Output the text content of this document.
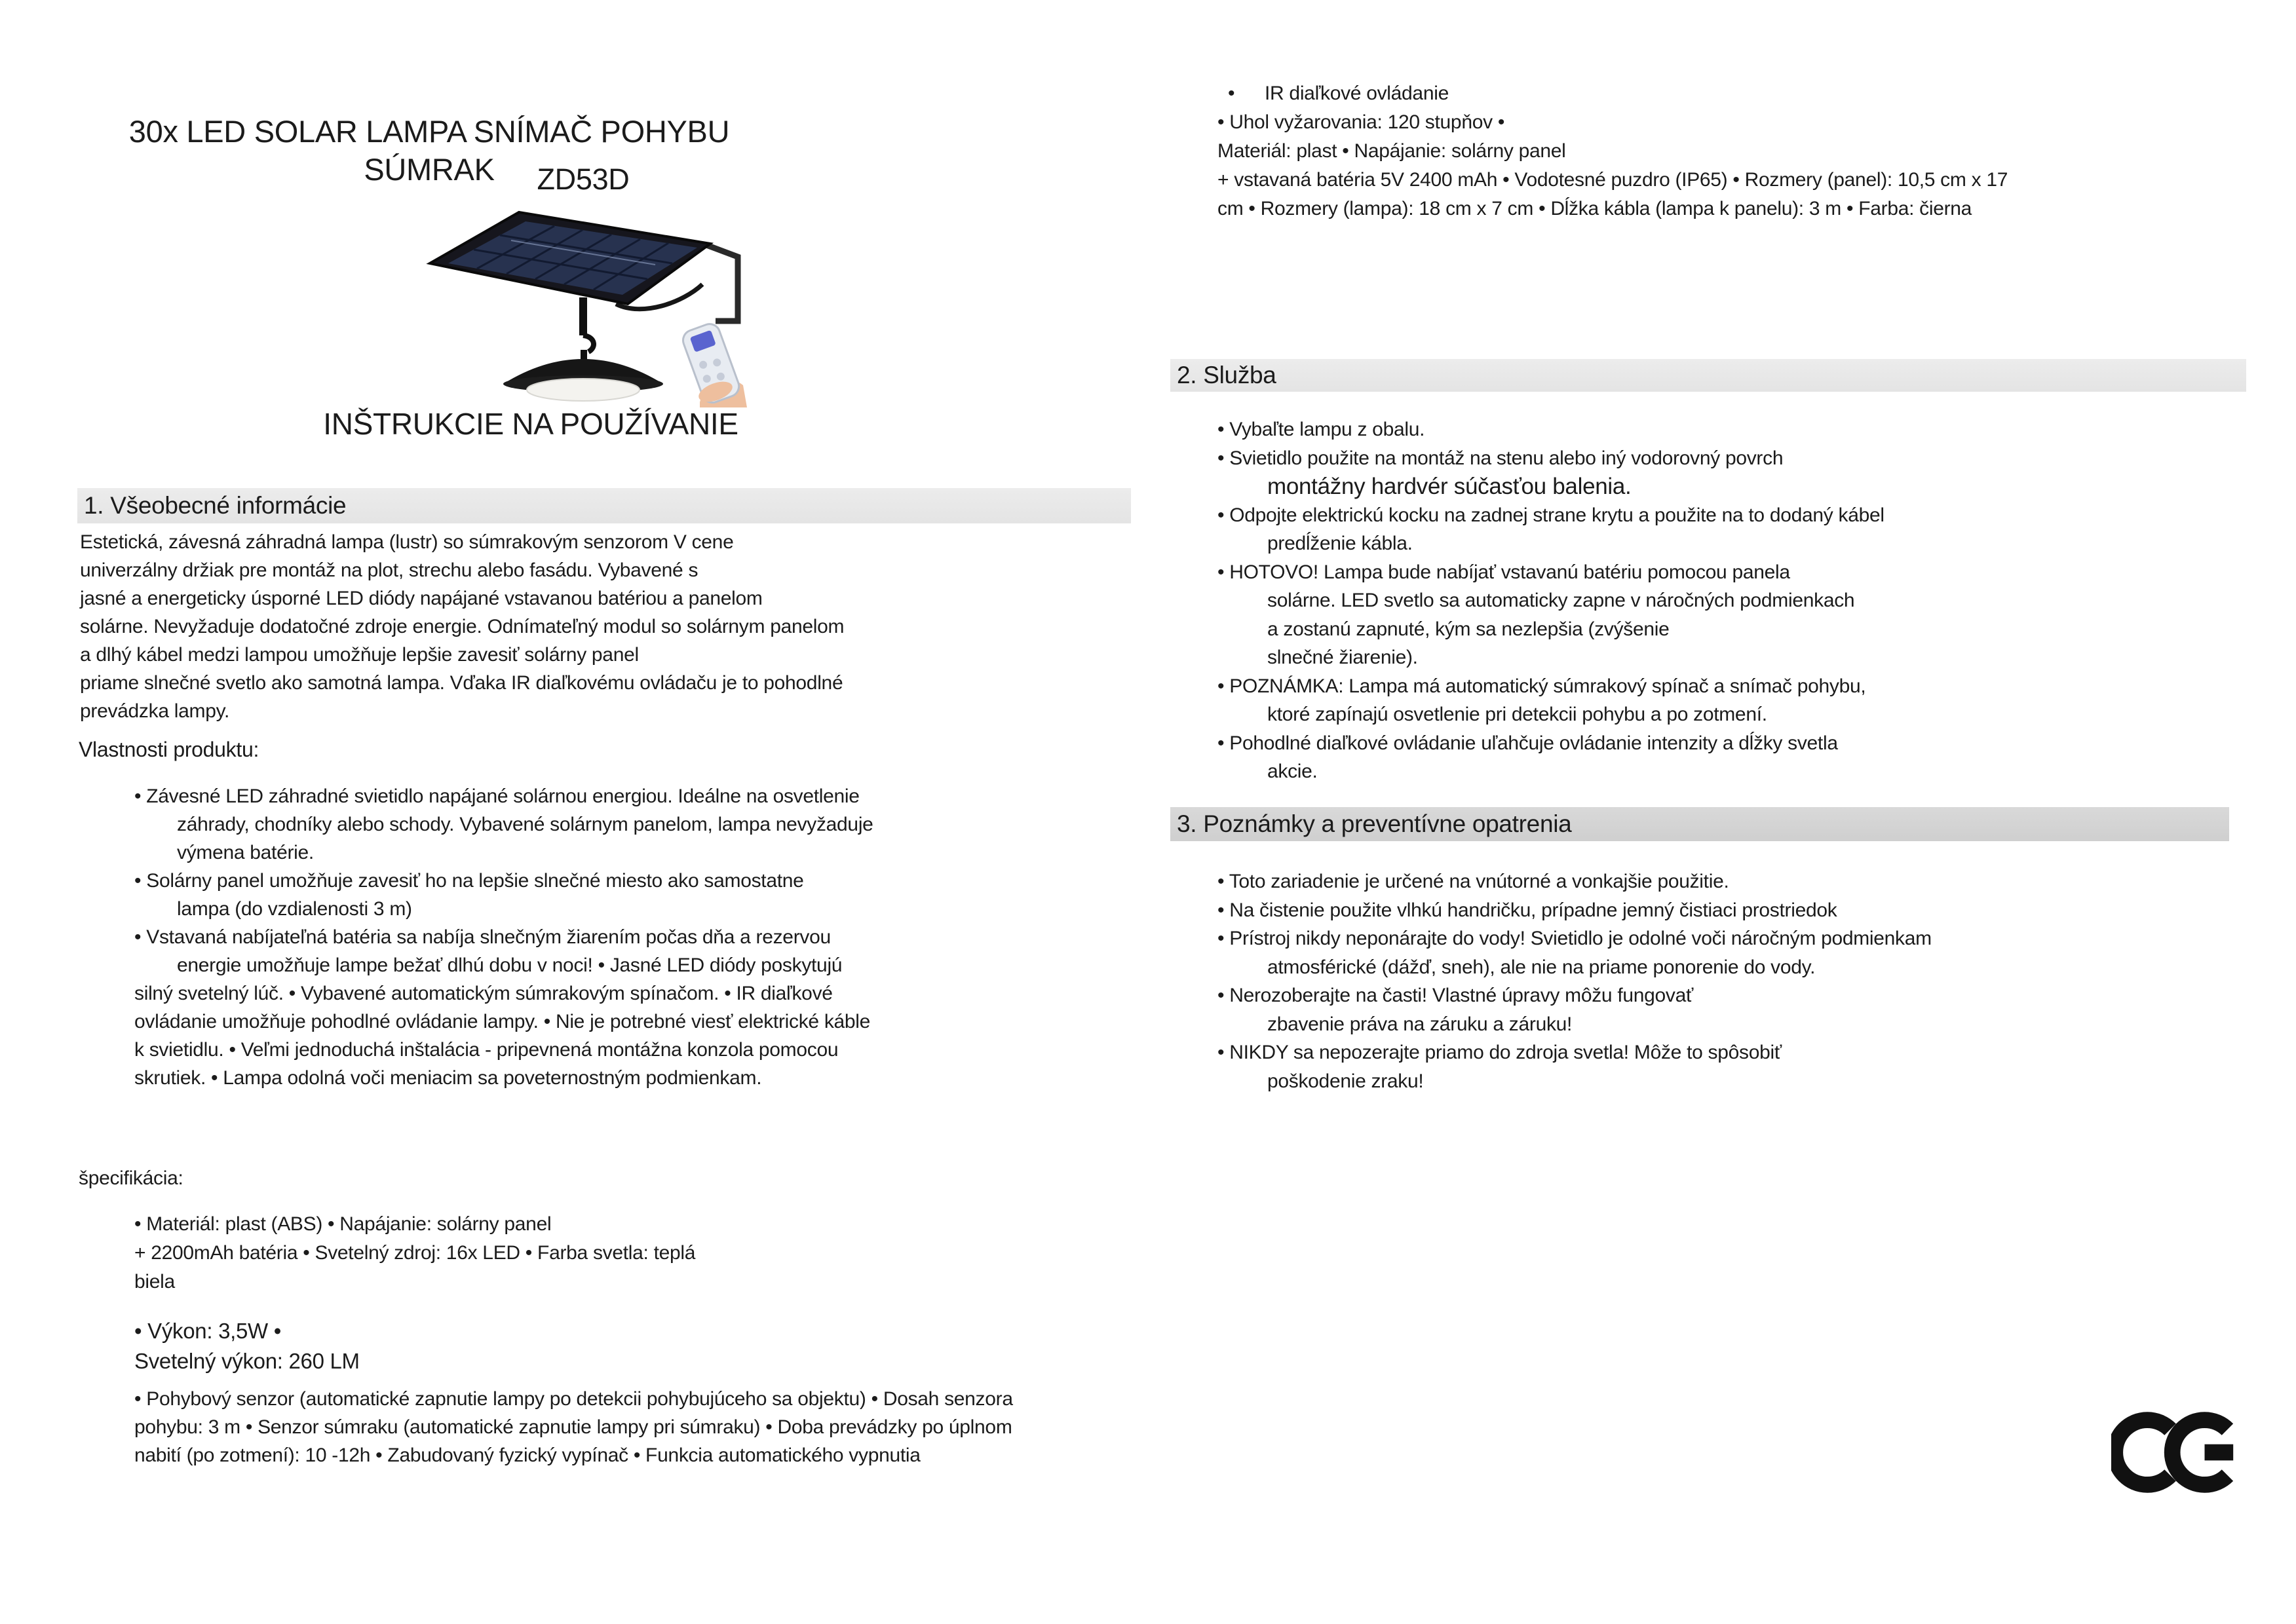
30x LED SOLAR LAMPA SNÍMAČ POHYBU SÚMRAK	ZD53D
INŠTRUKCIE NA POUŽÍVANIE
1. Všeobecné informácie
Estetická, závesná záhradná lampa (lustr) so súmrakovým senzorom V cene
univerzálny držiak pre montáž na plot, strechu alebo fasádu. Vybavené s
jasné a energeticky úsporné LED diódy napájané vstavanou batériou a panelom
solárne. Nevyžaduje dodatočné zdroje energie. Odnímateľný modul so solárnym panelom
a dlhý kábel medzi lampou umožňuje lepšie zavesiť solárny panel
priame slnečné svetlo ako samotná lampa. Vďaka IR diaľkovému ovládaču je to pohodlné
prevádzka lampy.
Vlastnosti produktu:
• Závesné LED záhradné svietidlo napájané solárnou energiou. Ideálne na osvetlenie
záhrady, chodníky alebo schody. Vybavené solárnym panelom, lampa nevyžaduje
výmena batérie.
• Solárny panel umožňuje zavesiť ho na lepšie slnečné miesto ako samostatne
lampa (do vzdialenosti 3 m)
• Vstavaná nabíjateľná batéria sa nabíja slnečným žiarením počas dňa a rezervou
energie umožňuje lampe bežať dlhú dobu v noci! • Jasné LED diódy poskytujú
silný svetelný lúč. • Vybavené automatickým súmrakovým spínačom. • IR diaľkové
ovládanie umožňuje pohodlné ovládanie lampy. • Nie je potrebné viesť elektrické káble
k svietidlu. • Veľmi jednoduchá inštalácia - pripevnená montážna konzola pomocou
skrutiek. • Lampa odolná voči meniacim sa poveternostným podmienkam.
špecifikácia:
• Materiál: plast (ABS) • Napájanie: solárny panel
+ 2200mAh batéria • Svetelný zdroj: 16x LED • Farba svetla: teplá
biela
• Výkon: 3,5W •
Svetelný výkon: 260 LM
• Pohybový senzor (automatické zapnutie lampy po detekcii pohybujúceho sa objektu) • Dosah senzora
pohybu: 3 m • Senzor súmraku (automatické zapnutie lampy pri súmraku) • Doba prevádzky po úplnom
nabití (po zotmení): 10 -12h • Zabudovaný fyzický vypínač • Funkcia automatického vypnutia
• IR diaľkové ovládanie
• Uhol vyžarovania: 120 stupňov •
Materiál: plast • Napájanie: solárny panel
+ vstavaná batéria 5V 2400 mAh • Vodotesné puzdro (IP65) • Rozmery (panel): 10,5 cm x 17
cm • Rozmery (lampa): 18 cm x 7 cm • Dĺžka kábla (lampa k panelu): 3 m • Farba: čierna
2. Služba
• Vybaľte lampu z obalu.
• Svietidlo použite na montáž na stenu alebo iný vodorovný povrch
montážny hardvér súčasťou balenia.
• Odpojte elektrickú kocku na zadnej strane krytu a použite na to dodaný kábel
predĺženie kábla.
• HOTOVO! Lampa bude nabíjať vstavanú batériu pomocou panela
solárne. LED svetlo sa automaticky zapne v náročných podmienkach
a zostanú zapnuté, kým sa nezlepšia (zvýšenie
slnečné žiarenie).
• POZNÁMKA: Lampa má automatický súmrakový spínač a snímač pohybu,
ktoré zapínajú osvetlenie pri detekcii pohybu a po zotmení.
• Pohodlné diaľkové ovládanie uľahčuje ovládanie intenzity a dĺžky svetla
akcie.
3. Poznámky a preventívne opatrenia
• Toto zariadenie je určené na vnútorné a vonkajšie použitie.
• Na čistenie použite vlhkú handričku, prípadne jemný čistiaci prostriedok
• Prístroj nikdy neponárajte do vody! Svietidlo je odolné voči náročným podmienkam
atmosférické (dážď, sneh), ale nie na priame ponorenie do vody.
• Nerozoberajte na časti! Vlastné úpravy môžu fungovať
zbavenie práva na záruku a záruku!
• NIKDY sa nepozerajte priamo do zdroja svetla! Môže to spôsobiť
poškodenie zraku!
